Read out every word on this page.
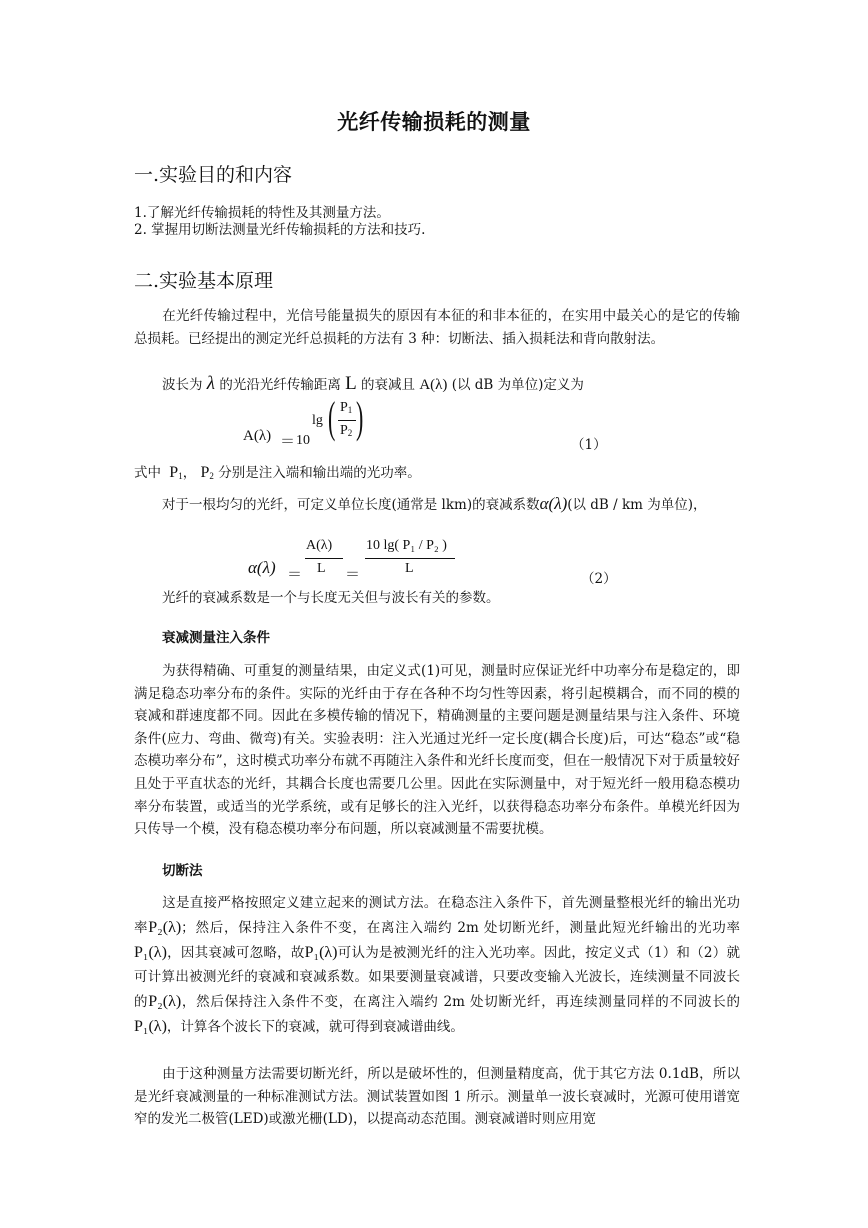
光纤传输损耗的测量
一.实验目的和内容
1.了解光纤传输损耗的特性及其测量方法。
2. 掌握用切断法测量光纤传输损耗的方法和技巧.
二.实验基本原理
在光纤传输过程中，光信号能量损失的原因有本征的和非本征的，在实用中最关心的是它的传输总损耗。已经提出的测定光纤总损耗的方法有 3 种：切断法、插入损耗法和背向散射法。
波长为 λ 的光沿光纤传输距离 L 的衰减且 A(λ) (以 dB 为单位)定义为
A(λ) ＝ 10
lg ( $P_1$
$P_2$ )
（1）
式中 $P_1$， $P_2$ 分别是注入端和输出端的光功率。
对于一根均匀的光纤，可定义单位长度(通常是 lkm)的衰减系数α(λ)(以 dB / km 为单位)，
α(λ) ＝
A(λ)
L ＝
10 lg( P₁ / P₂ )
L
（2）
光纤的衰减系数是一个与长度无关但与波长有关的参数。
衰减测量注入条件
为获得精确、可重复的测量结果，由定义式(1)可见，测量时应保证光纤中功率分布是稳定的，即满足稳态功率分布的条件。实际的光纤由于存在各种不均匀性等因素，将引起模耦合，而不同的模的衰减和群速度都不同。因此在多模传输的情况下，精确测量的主要问题是测量结果与注入条件、环境条件(应力、弯曲、微弯)有关。实验表明：注入光通过光纤一定长度(耦合长度)后，可达“稳态”或“稳态模功率分布”，这时模式功率分布就不再随注入条件和光纤长度而变，但在一般情况下对于质量较好且处于平直状态的光纤，其耦合长度也需要几公里。因此在实际测量中，对于短光纤一般用稳态模功率分布装置，或适当的光学系统，或有足够长的注入光纤，以获得稳态功率分布条件。单模光纤因为只传导一个模，没有稳态模功率分布问题，所以衰减测量不需要扰模。
切断法
这是直接严格按照定义建立起来的测试方法。在稳态注入条件下，首先测量整根光纤的输出光功率P₂(λ)；然后，保持注入条件不变，在离注入端约 2m 处切断光纤，测量此短光纤输出的光功率P₁(λ)，因其衰减可忽略，故P₁(λ)可认为是被测光纤的注入光功率。因此，按定义式（1）和（2）就可计算出被测光纤的衰减和衰减系数。如果要测量衰减谱，只要改变输入光波长，连续测量不同波长的P₂(λ)，然后保持注入条件不变，在离注入端约 2m 处切断光纤，再连续测量同样的不同波长的P₁(λ)，计算各个波长下的衰减，就可得到衰减谱曲线。
由于这种测量方法需要切断光纤，所以是破坏性的，但测量精度高，优于其它方法 0.1dB，所以是光纤衰减测量的一种标准测试方法。测试装置如图 1 所示。测量单一波长衰减时，光源可使用谱宽窄的发光二极管(LED)或激光栅(LD)，以提高动态范围。测衰减谱时则应用宽
